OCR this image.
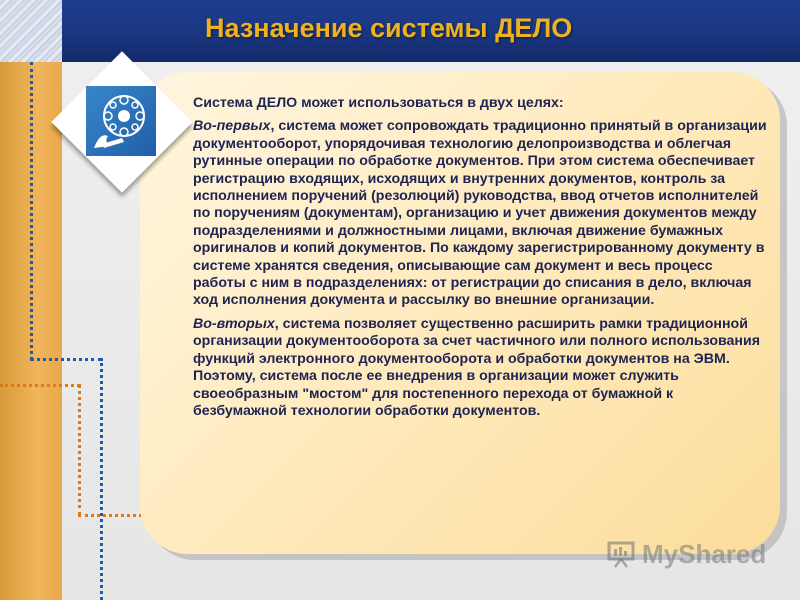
Назначение системы ДЕЛО

Система ДЕЛО может использоваться в двух целях:

Во-первых, система может сопровождать традиционно принятый в организации документооборот, упорядочивая технологию делопроизводства и облегчая рутинные операции по обработке документов. При этом система обеспечивает регистрацию входящих, исходящих и внутренних документов, контроль за исполнением поручений (резолюций) руководства, ввод отчетов исполнителей по поручениям (документам), организацию и учет движения документов между подразделениями и должностными лицами, включая движение бумажных оригиналов и копий документов. По каждому зарегистрированному документу в системе хранятся сведения, описывающие сам документ и весь процесс работы с ним в подразделениях: от регистрации до списания в дело, включая ход исполнения документа и рассылку во внешние организации.

Во-вторых, система позволяет существенно расширить рамки традиционной организации документооборота за счет частичного или полного использования функций электронного документооборота и обработки документов на ЭВМ. Поэтому, система после ее внедрения в организации может служить своеобразным "мостом" для постепенного перехода от бумажной к безбумажной технологии обработки документов.

MyShared
